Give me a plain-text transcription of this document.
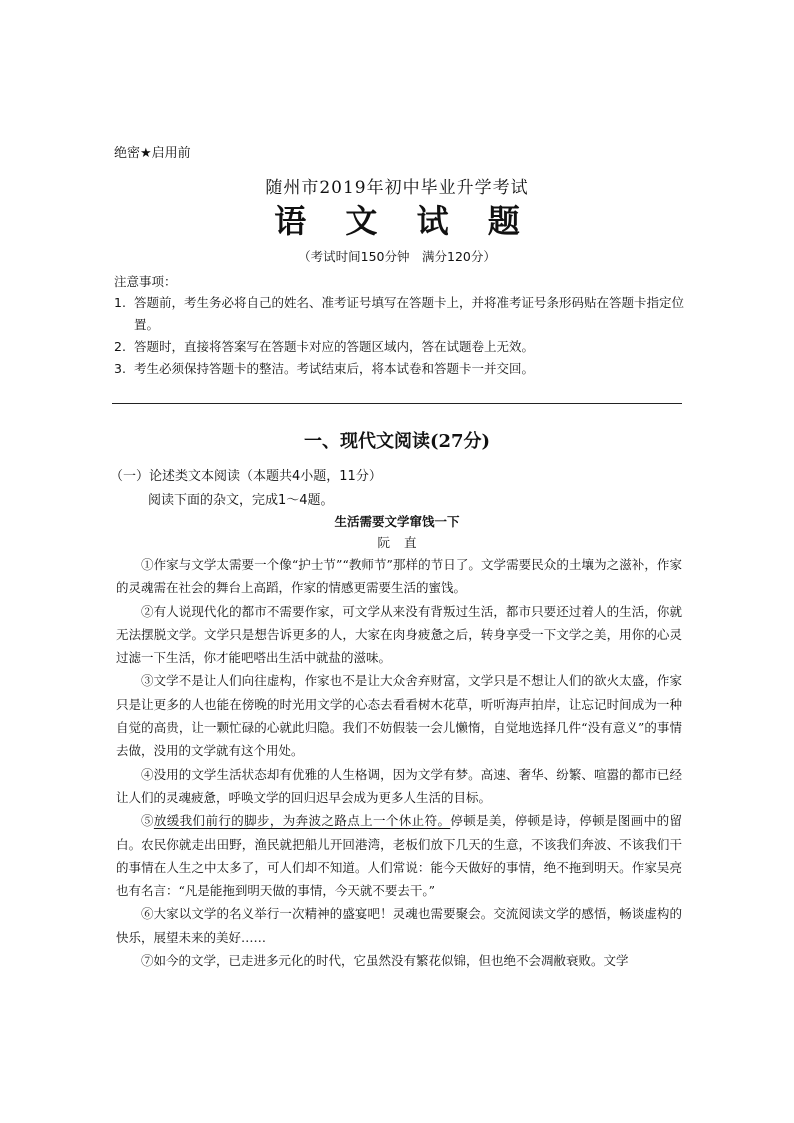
绝密★启用前
随州市2019年初中毕业升学考试
语 文 试 题
（考试时间150分钟　满分120分）
注意事项：
1. 答题前，考生务必将自己的姓名、准考证号填写在答题卡上，并将准考证号条形码贴在答题卡指定位置。
2. 答题时，直接将答案写在答题卡对应的答题区域内，答在试题卷上无效。
3. 考生必须保持答题卡的整洁。考试结束后，将本试卷和答题卡一并交回。
一、现代文阅读(27分)
（一）论述类文本阅读（本题共4小题，11分）
阅读下面的杂文，完成1～4题。
生活需要文学窜饯一下
阮直

①作家与文学太需要一个像“护士节”“教师节”那样的节日了。文学需要民众的土壤为之滋补，作家的灵魂需在社会的舞台上高蹈，作家的情感更需要生活的蜜饯。

②有人说现代化的都市不需要作家，可文学从来没有背叛过生活，都市只要还过着人的生活，你就无法摆脱文学。文学只是想告诉更多的人，大家在肉身疲惫之后，转身享受一下文学之美，用你的心灵过滤一下生活，你才能吧嗒出生活中就盐的滋味。

③文学不是让人们向往虚构，作家也不是让大众舍弃财富，文学只是不想让人们的欲火太盛，作家只是让更多的人也能在傍晚的时光用文学的心态去看看树木花草，听听海声拍岸，让忘记时间成为一种自觉的高贵，让一颗忙碌的心就此归隐。我们不妨假装一会儿懒惰，自觉地选择几件“没有意义”的事情去做，没用的文学就有这个用处。

④没用的文学生活状态却有优雅的人生格调，因为文学有梦。高速、奢华、纷繁、喧嚣的都市已经让人们的灵魂疲惫，呼唤文学的回归迟早会成为更多人生活的目标。

⑤放缓我们前行的脚步，为奔波之路点上一个休止符。停顿是美，停顿是诗，停顿是图画中的留白。农民你就走出田野，渔民就把船儿开回港湾，老板们放下几天的生意，不该我们奔波、不该我们干的事情在人生之中太多了，可人们却不知道。人们常说：能今天做好的事情，绝不拖到明天。作家吴亮也有名言：“凡是能拖到明天做的事情，今天就不要去干。”

⑥大家以文学的名义举行一次精神的盛宴吧！灵魂也需要聚会。交流阅读文学的感悟，畅谈虚构的快乐，展望未来的美好……

⑦如今的文学，已走进多元化的时代，它虽然没有繁花似锦，但也绝不会凋敝衰败。文学
